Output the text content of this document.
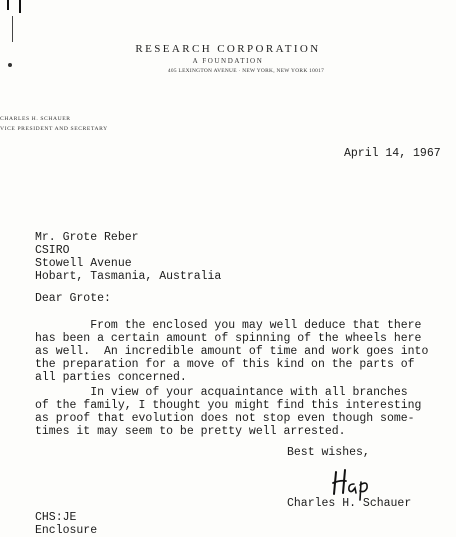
RESEARCH CORPORATION
A FOUNDATION
405 LEXINGTON AVENUE · NEW YORK, NEW YORK 10017
CHARLES H. SCHAUER
VICE PRESIDENT AND SECRETARY
April 14, 1967
Mr. Grote Reber
CSIRO
Stowell Avenue
Hobart, Tasmania, Australia
Dear Grote:
From the enclosed you may well deduce that there
has been a certain amount of spinning of the wheels here
as well.  An incredible amount of time and work goes into
the preparation for a move of this kind on the parts of
all parties concerned.
In view of your acquaintance with all branches
of the family, I thought you might find this interesting
as proof that evolution does not stop even though some-
times it may seem to be pretty well arrested.
Best wishes,
Charles H. Schauer
CHS:JE
Enclosure
